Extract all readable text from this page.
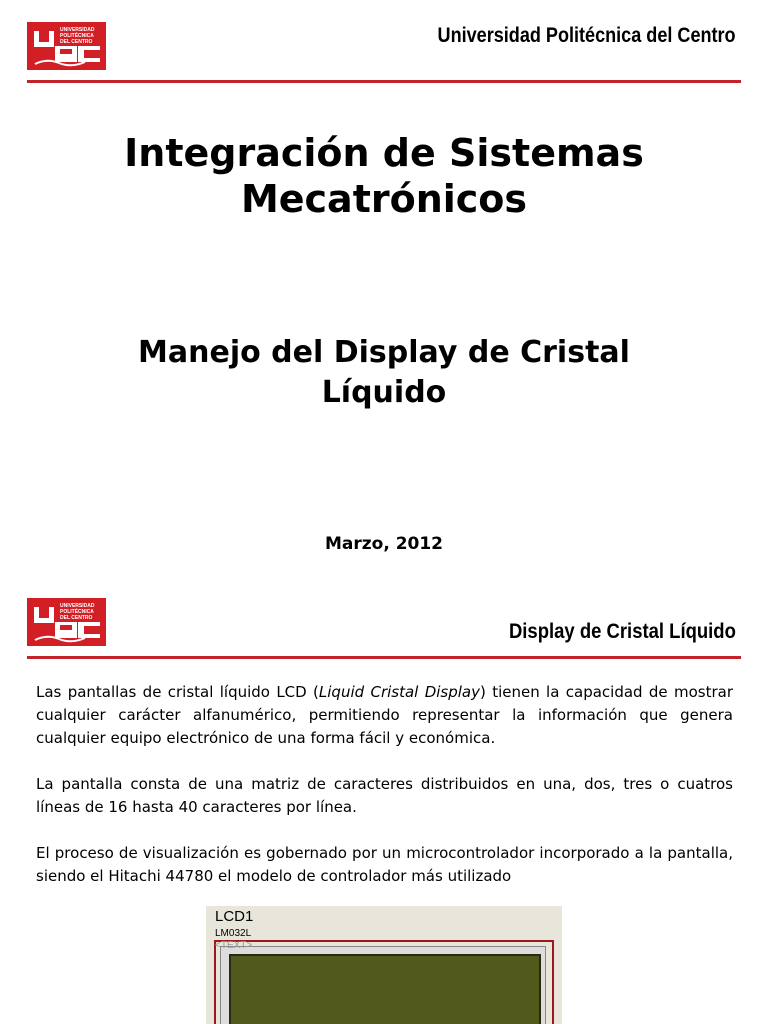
UNIVERSIDAD
POLITÉCNICA
DEL CENTRO	Universidad Politécnica del Centro
Integración de Sistemas
Mecatrónicos
Manejo del Display de Cristal
Líquido
Marzo, 2012
UNIVERSIDAD
POLITÉCNICA
DEL CENTRO
Display de Cristal Líquido

Las pantallas de cristal líquido LCD (Liquid Cristal Display) tienen la capacidad de mostrar cualquier carácter alfanumérico, permitiendo representar la información que genera cualquier equipo electrónico de una forma fácil y económica.

La pantalla consta de una matriz de caracteres distribuidos en una, dos, tres o cuatros líneas de 16 hasta 40 caracteres por línea.

El proceso de visualización es gobernado por un microcontrolador incorporado a la pantalla, siendo el Hitachi 44780 el modelo de controlador más utilizado

LCD1
LM032L
<TEXT>
